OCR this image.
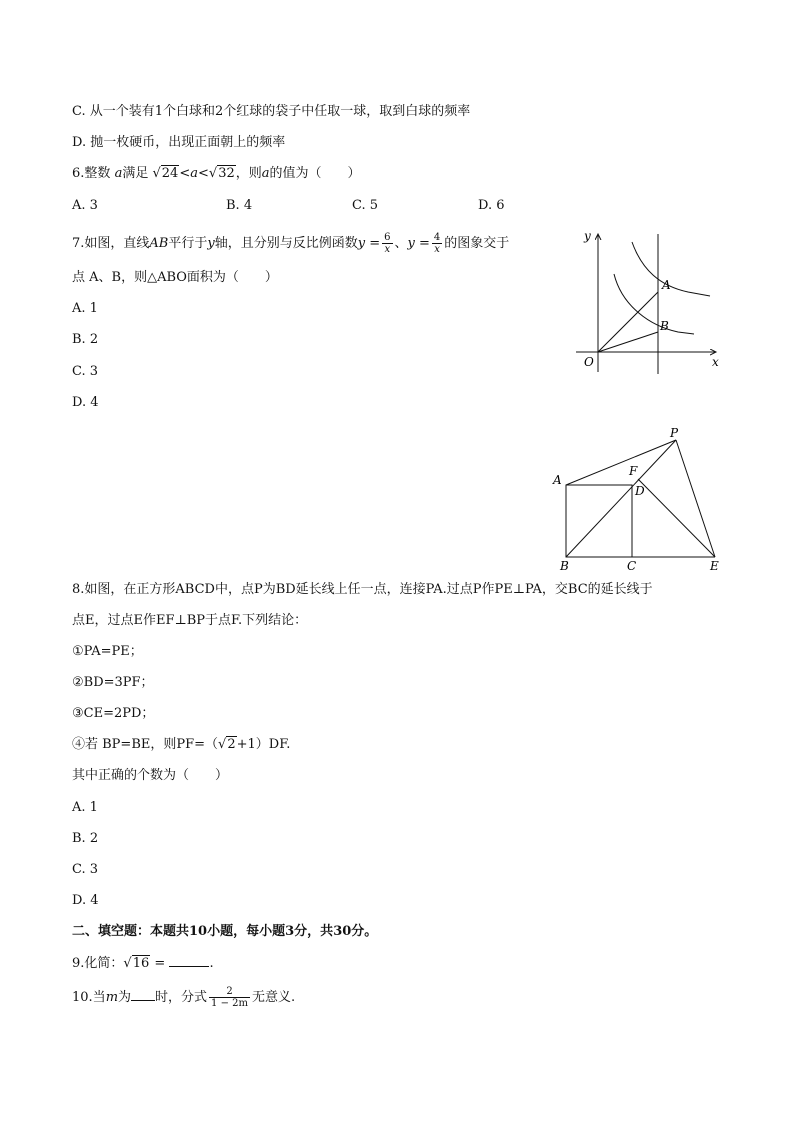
C. 从一个装有1个白球和2个红球的袋子中任取一球，取到白球的频率
D. 抛一枚硬币，出现正面朝上的频率
6.整数 a满足 √24<a<√32，则a的值为（　　）
A. 3	B. 4	C. 5	D. 6
7.如图，直线AB平行于y轴，且分别与反比例函数$y = \frac{6}{x}$ 、$y = \frac{4}{x}$ 的图象交于
点 A、B，则△ABO面积为（　　）
A. 1
B. 2
C. 3
D. 4
y
x
O
A
B
P
A
F
D
B	C	E
8.如图，在正方形ABCD中，点P为BD延长线上任一点，连接PA.过点P作PE⊥PA，交BC的延长线于
点E，过点E作EF⊥BP于点F.下列结论：
①PA=PE；
②BD=3PF；
③CE=2PD；
④若 BP=BE，则PF=（√2+1）DF.
其中正确的个数为（　　）
A. 1
B. 2
C. 3
D. 4
二、填空题：本题共10小题，每小题3分，共30分。
9.化简：√16 =	.
10.当m为 时，分式 $\frac{2}{1 - 2m}$ 无意义.
